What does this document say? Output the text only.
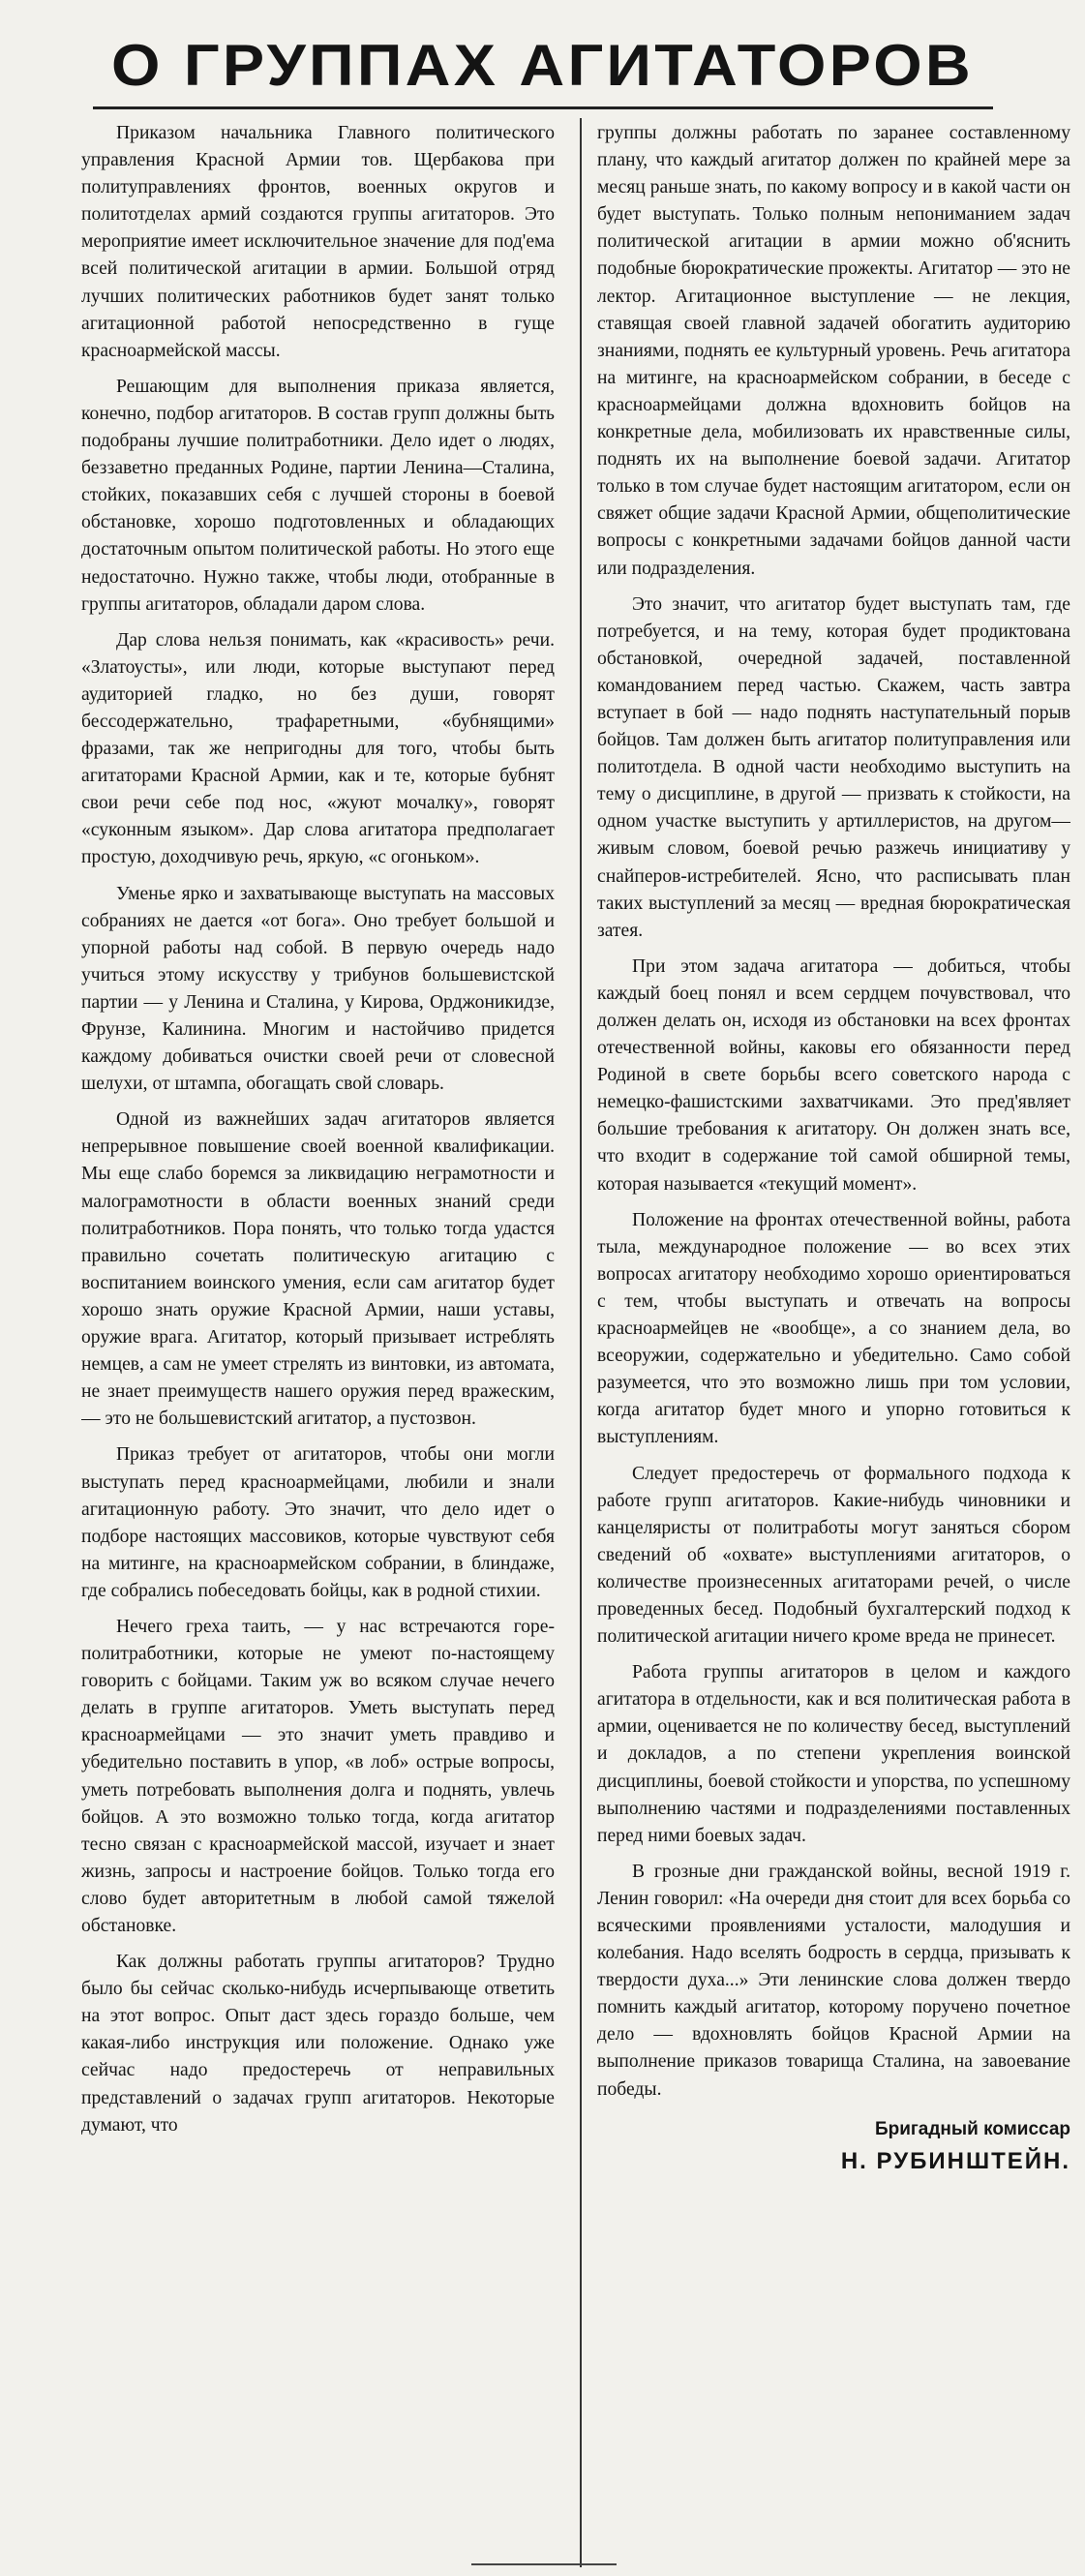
О ГРУППАХ АГИТАТОРОВ

Приказом начальника Главного политического управления Красной Армии тов. Щербакова при политуправлениях фронтов, военных округов и политотделах армий создаются группы агитаторов. Это мероприятие имеет исключительное значение для под'ема всей политической агитации в армии. Большой отряд лучших политических работников будет занят только агитационной работой непосредственно в гуще красноармейской массы.

Решающим для выполнения приказа является, конечно, подбор агитаторов. В состав групп должны быть подобраны лучшие политработники. Дело идет о людях, беззаветно преданных Родине, партии Ленина—Сталина, стойких, показавших себя с лучшей стороны в боевой обстановке, хорошо подготовленных и обладающих достаточным опытом политической работы. Но этого еще недостаточно. Нужно также, чтобы люди, отобранные в группы агитаторов, обладали даром слова.

Дар слова нельзя понимать, как «красивость» речи. «Златоусты», или люди, которые выступают перед аудиторией гладко, но без души, говорят бессодержательно, трафаретными, «бубнящими» фразами, так же непригодны для того, чтобы быть агитаторами Красной Армии, как и те, которые бубнят свои речи себе под нос, «жуют мочалку», говорят «суконным языком». Дар слова агитатора предполагает простую, доходчивую речь, яркую, «с огоньком».

Уменье ярко и захватывающе выступать на массовых собраниях не дается «от бога». Оно требует большой и упорной работы над собой. В первую очередь надо учиться этому искусству у трибунов большевистской партии — у Ленина и Сталина, у Кирова, Орджоникидзе, Фрунзе, Калинина. Многим и настойчиво придется каждому добиваться очистки своей речи от словесной шелухи, от штампа, обогащать свой словарь.

Одной из важнейших задач агитаторов является непрерывное повышение своей военной квалификации. Мы еще слабо боремся за ликвидацию неграмотности и малограмотности в области военных знаний среди политработников. Пора понять, что только тогда удастся правильно сочетать политическую агитацию с воспитанием воинского умения, если сам агитатор будет хорошо знать оружие Красной Армии, наши уставы, оружие врага. Агитатор, который призывает истреблять немцев, а сам не умеет стрелять из винтовки, из автомата, не знает преимуществ нашего оружия перед вражеским, — это не большевистский агитатор, а пустозвон.

Приказ требует от агитаторов, чтобы они могли выступать перед красноармейцами, любили и знали агитационную работу. Это значит, что дело идет о подборе настоящих массовиков, которые чувствуют себя на митинге, на красноармейском собрании, в блиндаже, где собрались побеседовать бойцы, как в родной стихии.

Нечего греха таить, — у нас встречаются горе-политработники, которые не умеют по-настоящему говорить с бойцами. Таким уж во всяком случае нечего делать в группе агитаторов. Уметь выступать перед красноармейцами — это значит уметь правдиво и убедительно поставить в упор, «в лоб» острые вопросы, уметь потребовать выполнения долга и поднять, увлечь бойцов. А это возможно только тогда, когда агитатор тесно связан с красноармейской массой, изучает и знает жизнь, запросы и настроение бойцов. Только тогда его слово будет авторитетным в любой самой тяжелой обстановке.

Как должны работать группы агитаторов? Трудно было бы сейчас сколько-нибудь исчерпывающе ответить на этот вопрос. Опыт даст здесь гораздо больше, чем какая-либо инструкция или положение. Однако уже сейчас надо предостеречь от неправильных представлений о задачах групп агитаторов. Некоторые думают, что

группы должны работать по заранее составленному плану, что каждый агитатор должен по крайней мере за месяц раньше знать, по какому вопросу и в какой части он будет выступать. Только полным непониманием задач политической агитации в армии можно об'яснить подобные бюрократические прожекты. Агитатор — это не лектор. Агитационное выступление — не лекция, ставящая своей главной задачей обогатить аудиторию знаниями, поднять ее культурный уровень. Речь агитатора на митинге, на красноармейском собрании, в беседе с красноармейцами должна вдохновить бойцов на конкретные дела, мобилизовать их нравственные силы, поднять их на выполнение боевой задачи. Агитатор только в том случае будет настоящим агитатором, если он свяжет общие задачи Красной Армии, общеполитические вопросы с конкретными задачами бойцов данной части или подразделения.

Это значит, что агитатор будет выступать там, где потребуется, и на тему, которая будет продиктована обстановкой, очередной задачей, поставленной командованием перед частью. Скажем, часть завтра вступает в бой — надо поднять наступательный порыв бойцов. Там должен быть агитатор политуправления или политотдела. В одной части необходимо выступить на тему о дисциплине, в другой — призвать к стойкости, на одном участке выступить у артиллеристов, на другом—живым словом, боевой речью разжечь инициативу у снайперов-истребителей. Ясно, что расписывать план таких выступлений за месяц — вредная бюрократическая затея.

При этом задача агитатора — добиться, чтобы каждый боец понял и всем сердцем почувствовал, что должен делать он, исходя из обстановки на всех фронтах отечественной войны, каковы его обязанности перед Родиной в свете борьбы всего советского народа с немецко-фашистскими захватчиками. Это пред'являет большие требования к агитатору. Он должен знать все, что входит в содержание той самой обширной темы, которая называется «текущий момент».

Положение на фронтах отечественной войны, работа тыла, международное положение — во всех этих вопросах агитатору необходимо хорошо ориентироваться с тем, чтобы выступать и отвечать на вопросы красноармейцев не «вообще», а со знанием дела, во всеоружии, содержательно и убедительно. Само собой разумеется, что это возможно лишь при том условии, когда агитатор будет много и упорно готовиться к выступлениям.

Следует предостеречь от формального подхода к работе групп агитаторов. Какие-нибудь чиновники и канцеляристы от политработы могут заняться сбором сведений об «охвате» выступлениями агитаторов, о количестве произнесенных агитаторами речей, о числе проведенных бесед. Подобный бухгалтерский подход к политической агитации ничего кроме вреда не принесет.

Работа группы агитаторов в целом и каждого агитатора в отдельности, как и вся политическая работа в армии, оценивается не по количеству бесед, выступлений и докладов, а по степени укрепления воинской дисциплины, боевой стойкости и упорства, по успешному выполнению частями и подразделениями поставленных перед ними боевых задач.

В грозные дни гражданской войны, весной 1919 г. Ленин говорил: «На очереди дня стоит для всех борьба со всяческими проявлениями усталости, малодушия и колебания. Надо вселять бодрость в сердца, призывать к твердости духа...» Эти ленинские слова должен твердо помнить каждый агитатор, которому поручено почетное дело — вдохновлять бойцов Красной Армии на выполнение приказов товарища Сталина, на завоевание победы.

Бригадный комиссар
Н. РУБИНШТЕЙН.
